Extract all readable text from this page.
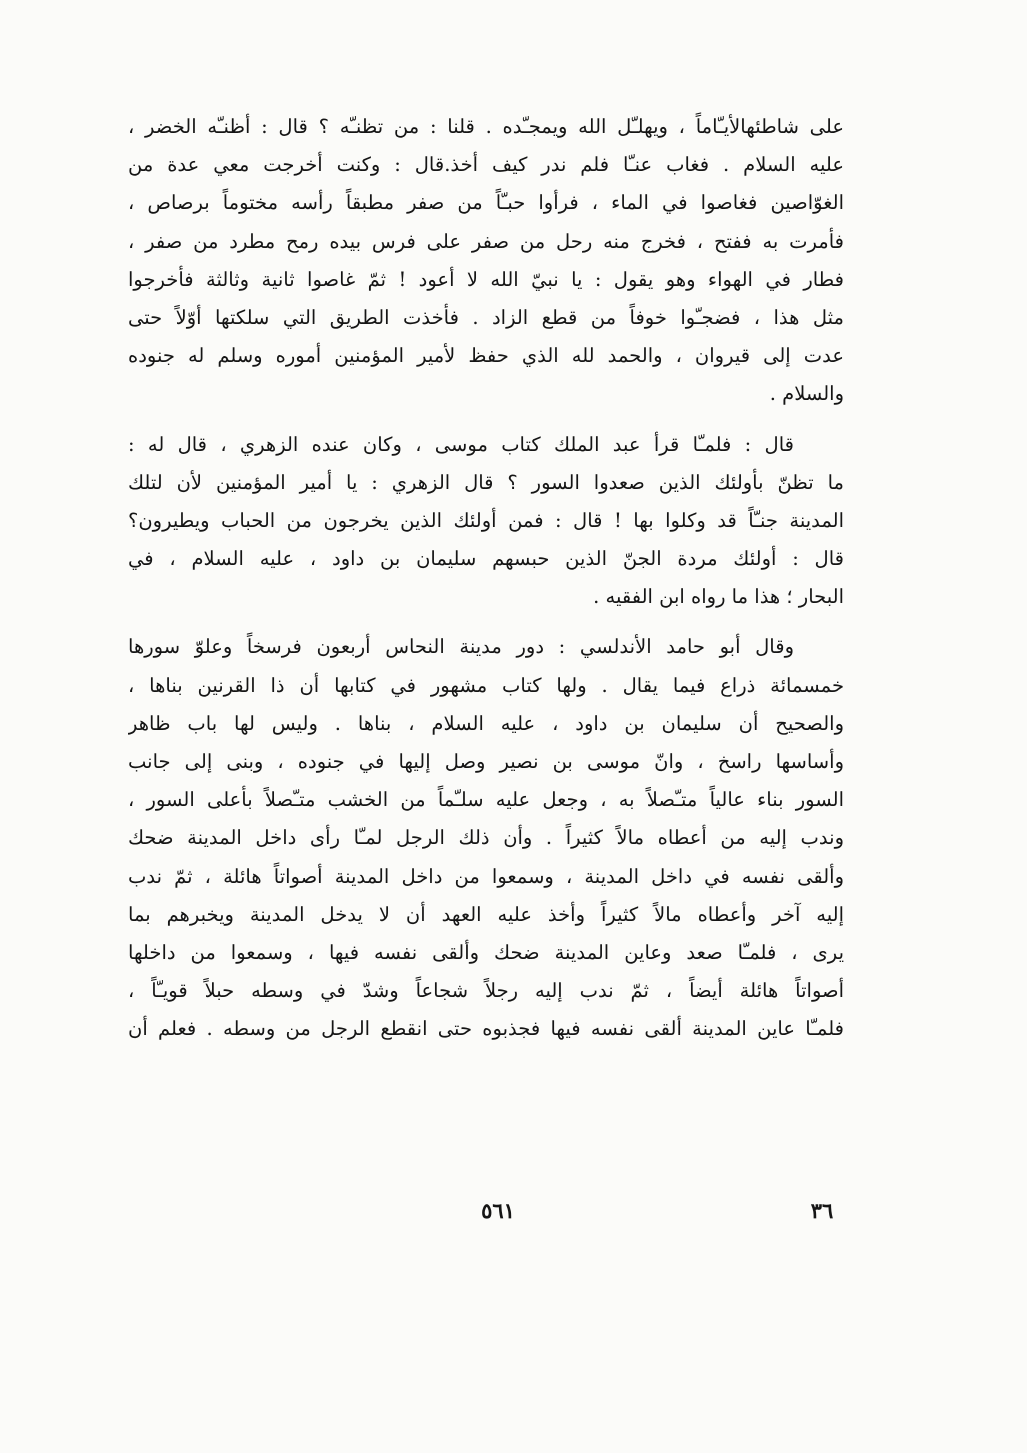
على شاطئهالأيـّاماً ، ويهلـّل الله ويمجـّده . قلنا : من تظنـّه ؟ قال : أظنـّه الخضر ،
عليه السلام . فغاب عنـّا فلم ندر كيف أخذ.قال : وكنت أخرجت معي عدة من
الغوّاصين فغاصوا في الماء ، فرأوا حبـّاً من صفر مطبقاً رأسه مختوماً برصاص ،
فأمرت به ففتح ، فخرج منه رحل من صفر على فرس بيده رمح مطرد من صفر ،
فطار في الهواء وهو يقول : يا نبيّ الله لا أعود ! ثمّ غاصوا ثانية وثالثة فأخرجوا
مثل هذا ، فضجـّوا خوفاً من قطع الزاد . فأخذت الطريق التي سلكتها أوّلاً حتى
عدت إلى قيروان ، والحمد لله الذي حفظ لأمير المؤمنين أموره وسلم له جنوده
والسلام .
قال : فلمـّا قرأ عبد الملك كتاب موسى ، وكان عنده الزهري ، قال له :
ما تظنّ بأولئك الذين صعدوا السور ؟ قال الزهري : يا أمير المؤمنين لأن لتلك
المدينة جنـّاً قد وكلوا بها ! قال : فمن أولئك الذين يخرجون من الحباب ويطيرون؟
قال : أولئك مردة الجنّ الذين حبسهم سليمان بن داود ، عليه السلام ، في
البحار ؛ هذا ما رواه ابن الفقيه .
وقال أبو حامد الأندلسي : دور مدينة النحاس أربعون فرسخاً وعلوّ سورها
خمسمائة ذراع فيما يقال . ولها كتاب مشهور في كتابها أن ذا القرنين بناها ،
والصحيح أن سليمان بن داود ، عليه السلام ، بناها . وليس لها باب ظاهر
وأساسها راسخ ، وانّ موسى بن نصير وصل إليها في جنوده ، وبنى إلى جانب
السور بناء عالياً متـّصلاً به ، وجعل عليه سلـّماً من الخشب متـّصلاً بأعلى السور ،
وندب إليه من أعطاه مالاً كثيراً . وأن ذلك الرجل لمـّا رأى داخل المدينة ضحك
وألقى نفسه في داخل المدينة ، وسمعوا من داخل المدينة أصواتاً هائلة ، ثمّ ندب
إليه آخر وأعطاه مالاً كثيراً وأخذ عليه العهد أن لا يدخل المدينة ويخبرهم بما
يرى ، فلمـّا صعد وعاين المدينة ضحك وألقى نفسه فيها ، وسمعوا من داخلها
أصواتاً هائلة أيضاً ، ثمّ ندب إليه رجلاً شجاعاً وشدّ في وسطه حبلاً قويـّاً ،
فلمـّا عاين المدينة ألقى نفسه فيها فجذبوه حتى انقطع الرجل من وسطه . فعلم أن
٥٦١	٣٦
